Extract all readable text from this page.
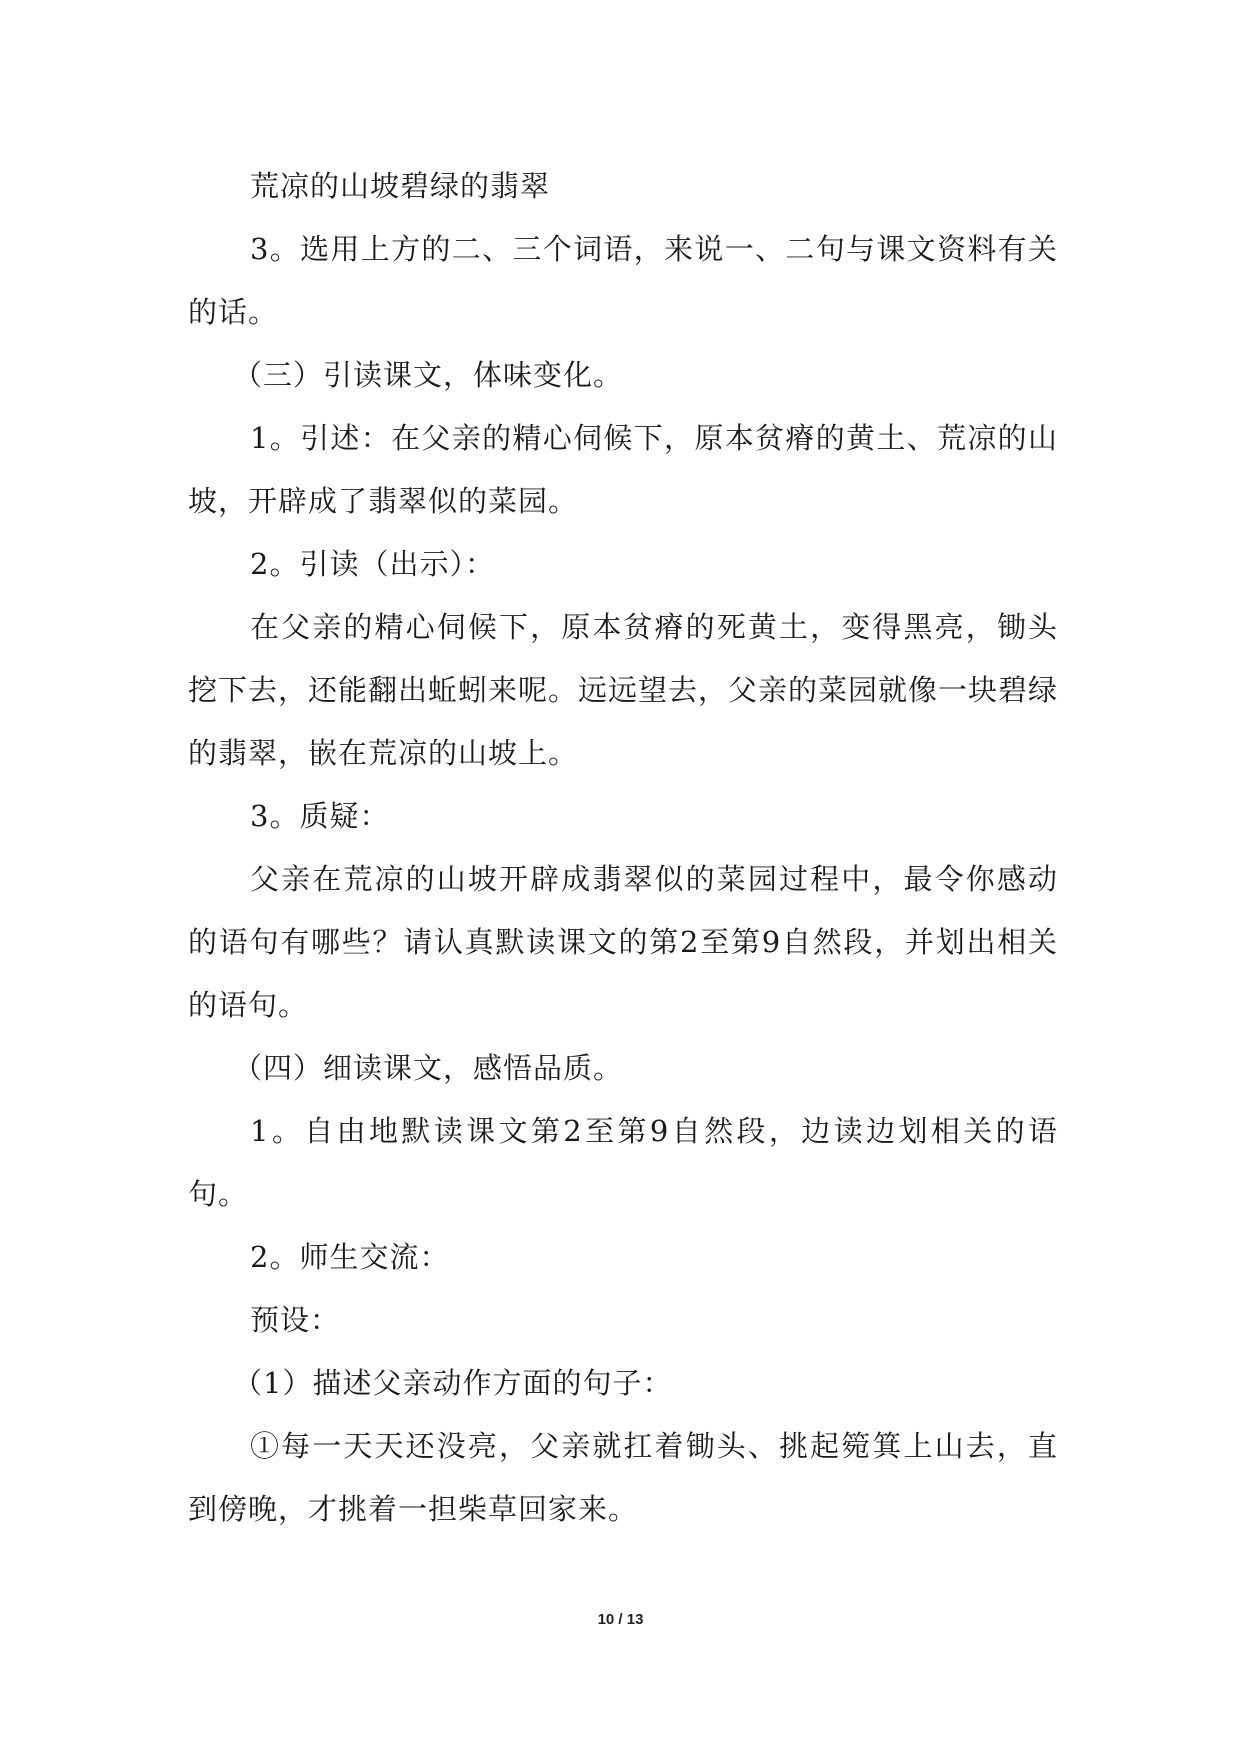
荒凉的山坡碧绿的翡翠

3。选用上方的二、三个词语，来说一、二句与课文资料有关的话。

（三）引读课文，体味变化。

1。引述：在父亲的精心伺候下，原本贫瘠的黄土、荒凉的山坡，开辟成了翡翠似的菜园。

2。引读（出示）：

在父亲的精心伺候下，原本贫瘠的死黄土，变得黑亮，锄头挖下去，还能翻出蚯蚓来呢。远远望去，父亲的菜园就像一块碧绿的翡翠，嵌在荒凉的山坡上。

3。质疑：

父亲在荒凉的山坡开辟成翡翠似的菜园过程中，最令你感动的语句有哪些？请认真默读课文的第2至第9自然段，并划出相关的语句。

（四）细读课文，感悟品质。

1。自由地默读课文第2至第9自然段，边读边划相关的语句。

2。师生交流：

预设：

（1）描述父亲动作方面的句子：

①每一天天还没亮，父亲就扛着锄头、挑起箢箕上山去，直到傍晚，才挑着一担柴草回家来。

10 / 13
